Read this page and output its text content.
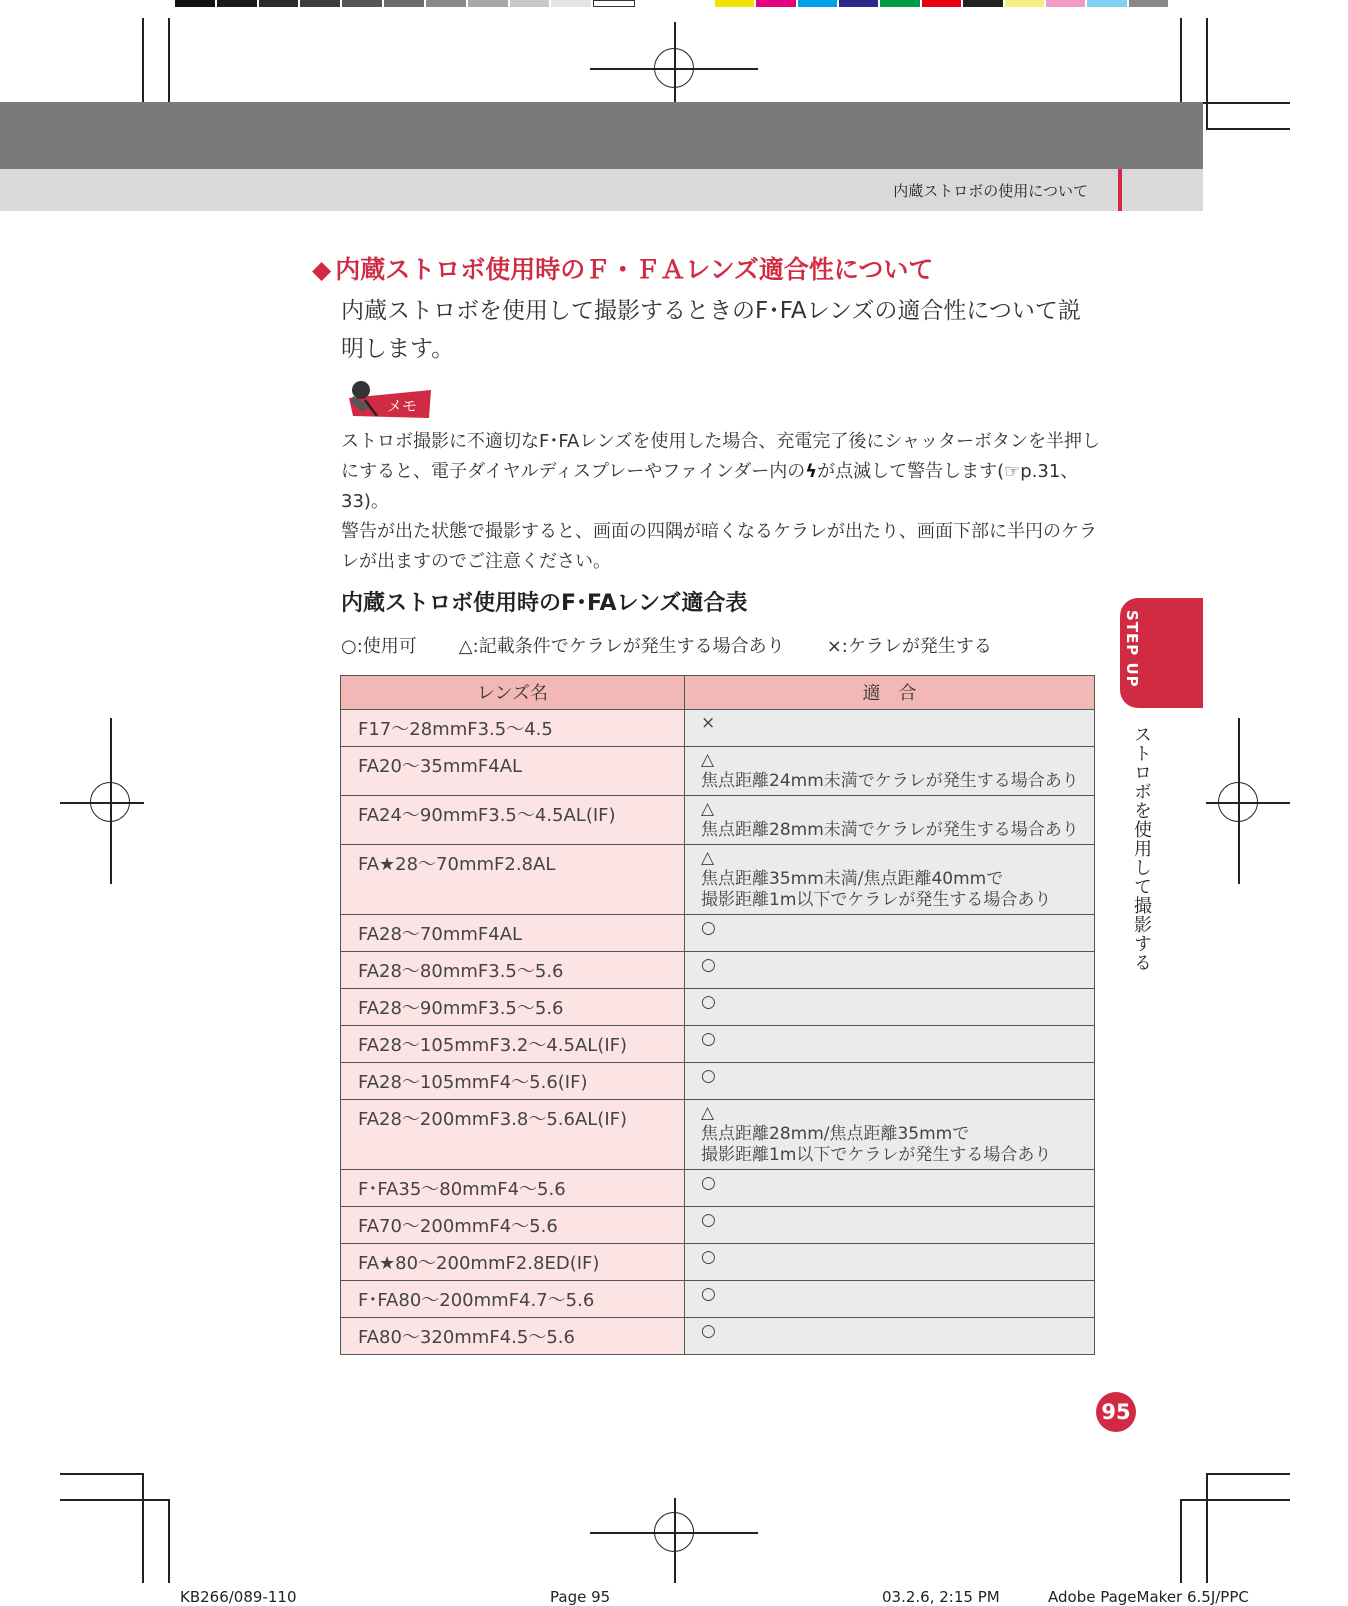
内蔵ストロボの使用について
STEP UP
ストロボを使用して撮影する
◆ 内蔵ストロボ使用時のＦ・ＦＡレンズ適合性について
内蔵ストロボを使用して撮影するときのF･FAレンズの適合性について説明します。
メモ

ストロボ撮影に不適切なF･FAレンズを使用した場合、充電完了後にシャッターボタンを半押しにすると、電子ダイヤルディスプレーやファインダー内のϟが点滅して警告します(☞p.31、33)。

警告が出た状態で撮影すると、画面の四隅が暗くなるケラレが出たり、画面下部に半円のケラレが出ますのでご注意ください。

内蔵ストロボ使用時のF･FAレンズ適合表
○:使用可 △:記載条件でケラレが発生する場合あり ×:ケラレが発生する
レンズ名	適　合
F17〜28mmF3.5〜4.5	×

FA20〜35mmF4AL	△
焦点距離24mm未満でケラレが発生する場合あり

FA24〜90mmF3.5〜4.5AL(IF)	△
焦点距離28mm未満でケラレが発生する場合あり

FA★28〜70mmF2.8AL	△
焦点距離35mm未満/焦点距離40mmで
撮影距離1m以下でケラレが発生する場合あり

FA28〜70mmF4AL	○

FA28〜80mmF3.5〜5.6	○

FA28〜90mmF3.5〜5.6	○

FA28〜105mmF3.2〜4.5AL(IF)	○

FA28〜105mmF4〜5.6(IF)	○

FA28〜200mmF3.8〜5.6AL(IF)	△
焦点距離28mm/焦点距離35mmで
撮影距離1m以下でケラレが発生する場合あり

F･FA35〜80mmF4〜5.6	○

FA70〜200mmF4〜5.6	○

FA★80〜200mmF2.8ED(IF)	○

F･FA80〜200mmF4.7〜5.6	○

FA80〜320mmF4.5〜5.6	○
95
KB266/089-110	Page 95	03.2.6, 2:15 PM	Adobe PageMaker 6.5J/PPC
